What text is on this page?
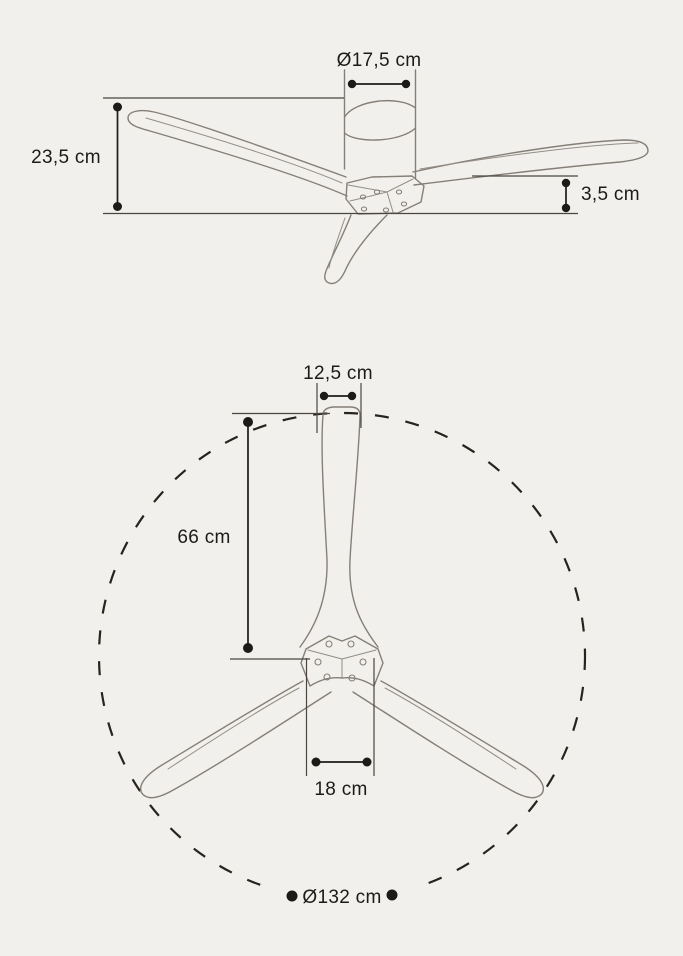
Ø17,5 cm
23,5 cm
3,5 cm
12,5 cm
66 cm
18 cm
Ø132 cm
